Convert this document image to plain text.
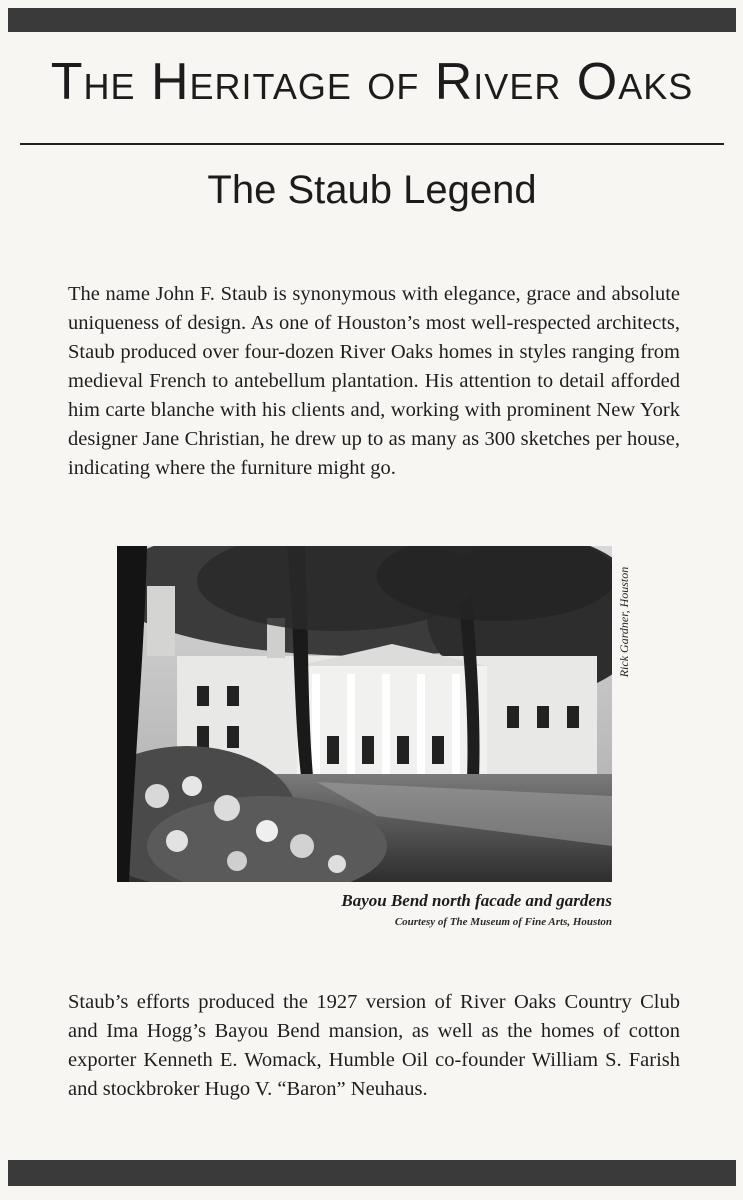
The Heritage of River Oaks
The Staub Legend

The name John F. Staub is synonymous with elegance, grace and absolute uniqueness of design. As one of Houston’s most well-respected architects, Staub produced over four-dozen River Oaks homes in styles ranging from medieval French to antebellum plantation. His attention to detail afforded him carte blanche with his clients and, working with prominent New York designer Jane Christian, he drew up to as many as 300 sketches per house, indicating where the furniture might go.

Rick Gardner, Houston
Bayou Bend north facade and gardens
Courtesy of The Museum of Fine Arts, Houston

Staub’s efforts produced the 1927 version of River Oaks Country Club and Ima Hogg’s Bayou Bend mansion, as well as the homes of cotton exporter Kenneth E. Womack, Humble Oil co-founder William S. Farish and stockbroker Hugo V. “Baron” Neuhaus.
